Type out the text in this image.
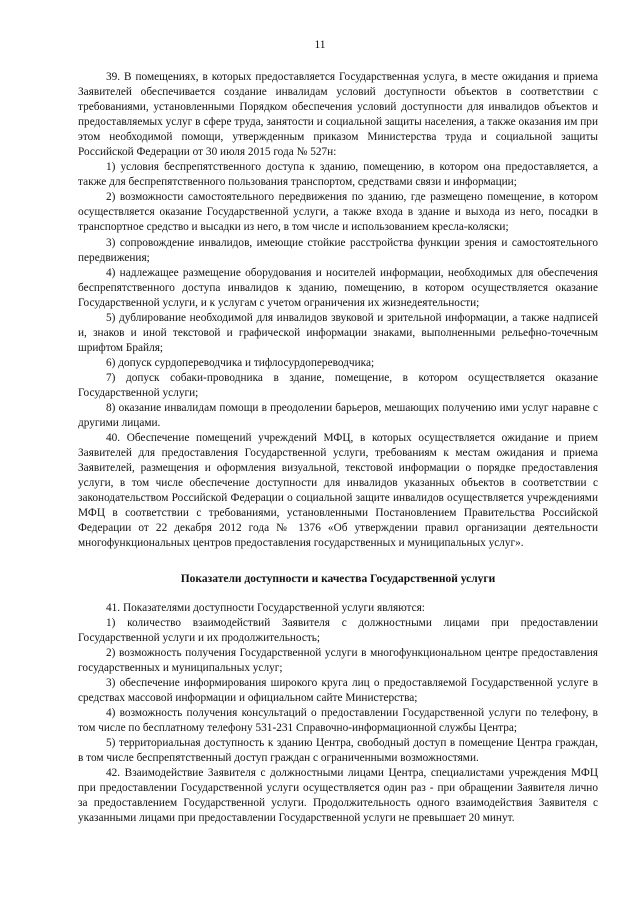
11

39. В помещениях, в которых предоставляется Государственная услуга, в месте ожидания и приема Заявителей обеспечивается создание инвалидам условий доступности объектов в соответствии с требованиями, установленными Порядком обеспечения условий доступности для инвалидов объектов и предоставляемых услуг в сфере труда, занятости и социальной защиты населения, а также оказания им при этом необходимой помощи, утвержденным приказом Министерства труда и социальной защиты Российской Федерации от 30 июля 2015 года № 527н:

1) условия беспрепятственного доступа к зданию, помещению, в котором она предоставляется, а также для беспрепятственного пользования транспортом, средствами связи и информации;

2) возможности самостоятельного передвижения по зданию, где размещено помещение, в котором осуществляется оказание Государственной услуги, а также входа в здание и выхода из него, посадки в транспортное средство и высадки из него, в том числе и использованием кресла-коляски;

3) сопровождение инвалидов, имеющие стойкие расстройства функции зрения и самостоятельного передвижения;

4) надлежащее размещение оборудования и носителей информации, необходимых для обеспечения беспрепятственного доступа инвалидов к зданию, помещению, в котором осуществляется оказание Государственной услуги, и к услугам с учетом ограничения их жизнедеятельности;

5) дублирование необходимой для инвалидов звуковой и зрительной информации, а также надписей и, знаков и иной текстовой и графической информации знаками, выполненными рельефно-точечным шрифтом Брайля;

6) допуск сурдопереводчика и тифлосурдопереводчика;

7) допуск собаки-проводника в здание, помещение, в котором осуществляется оказание Государственной услуги;

8) оказание инвалидам помощи в преодолении барьеров, мешающих получению ими услуг наравне с другими лицами.

40. Обеспечение помещений учреждений МФЦ, в которых осуществляется ожидание и прием Заявителей для предоставления Государственной услуги, требованиям к местам ожидания и приема Заявителей, размещения и оформления визуальной, текстовой информации о порядке предоставления услуги, в том числе обеспечение доступности для инвалидов указанных объектов в соответствии с законодательством Российской Федерации о социальной защите инвалидов осуществляется учреждениями МФЦ в соответствии с требованиями, установленными Постановлением Правительства Российской Федерации от 22 декабря 2012 года № 1376 «Об утверждении правил организации деятельности многофункциональных центров предоставления государственных и муниципальных услуг».

Показатели доступности и качества Государственной услуги

41. Показателями доступности Государственной услуги являются:

1) количество взаимодействий Заявителя с должностными лицами при предоставлении Государственной услуги и их продолжительность;

2) возможность получения Государственной услуги в многофункциональном центре предоставления государственных и муниципальных услуг;

3) обеспечение информирования широкого круга лиц о предоставляемой Государственной услуге в средствах массовой информации и официальном сайте Министерства;

4) возможность получения консультаций о предоставлении Государственной услуги по телефону, в том числе по бесплатному телефону 531-231 Справочно-информационной службы Центра;

5) территориальная доступность к зданию Центра, свободный доступ в помещение Центра граждан, в том числе беспрепятственный доступ граждан с ограниченными возможностями.

42. Взаимодействие Заявителя с должностными лицами Центра, специалистами учреждения МФЦ при предоставлении Государственной услуги осуществляется один раз - при обращении Заявителя лично за предоставлением Государственной услуги. Продолжительность одного взаимодействия Заявителя с указанными лицами при предоставлении Государственной услуги не превышает 20 минут.
